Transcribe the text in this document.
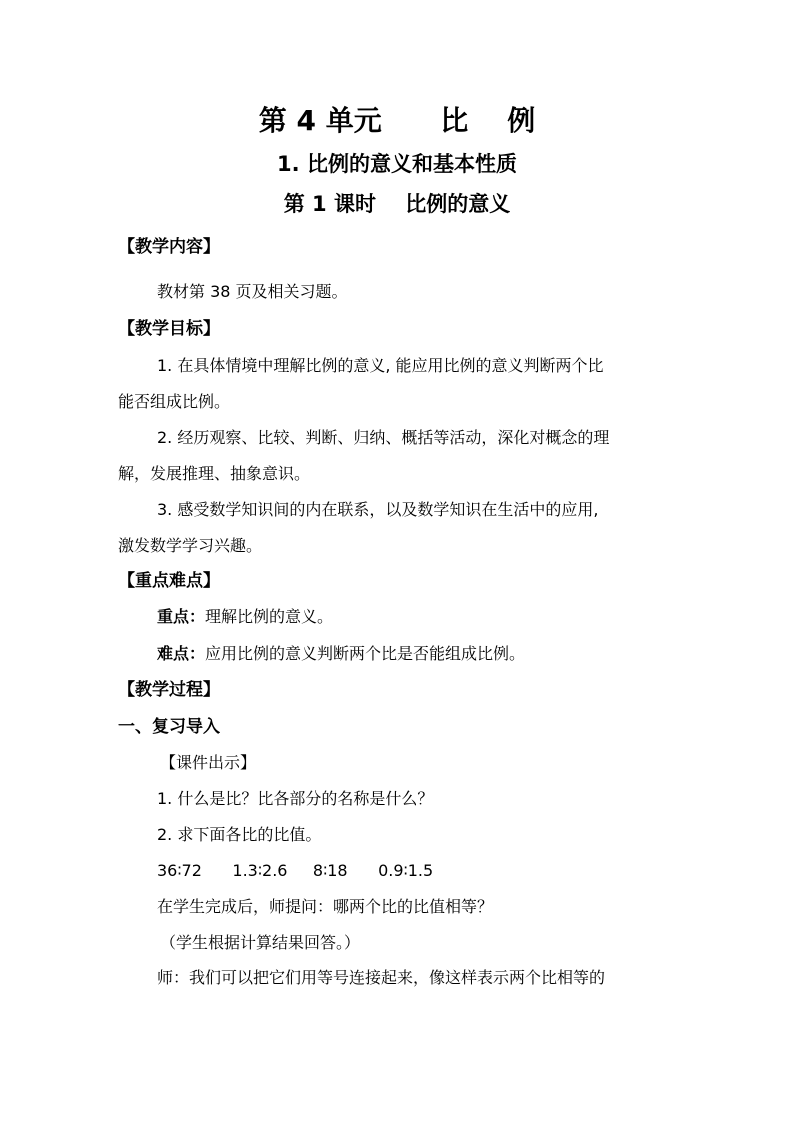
第 4 单元      比    例
1. 比例的意义和基本性质
第 1 课时    比例的意义
【教学内容】
教材第 38 页及相关习题。
【教学目标】
1. 在具体情境中理解比例的意义, 能应用比例的意义判断两个比
能否组成比例。
2. 经历观察、比较、判断、归纳、概括等活动，深化对概念的理
解，发展推理、抽象意识。
3. 感受数学知识间的内在联系，以及数学知识在生活中的应用,
激发数学学习兴趣。
【重点难点】
重点：理解比例的意义。
难点：应用比例的意义判断两个比是否能组成比例。
【教学过程】
一、复习导入
【课件出示】
1. 什么是比？比各部分的名称是什么？
2. 求下面各比的比值。
36∶72      1.3∶2.6     8∶18      0.9∶1.5
在学生完成后，师提问：哪两个比的比值相等？
（学生根据计算结果回答。）
师：我们可以把它们用等号连接起来，像这样表示两个比相等的
